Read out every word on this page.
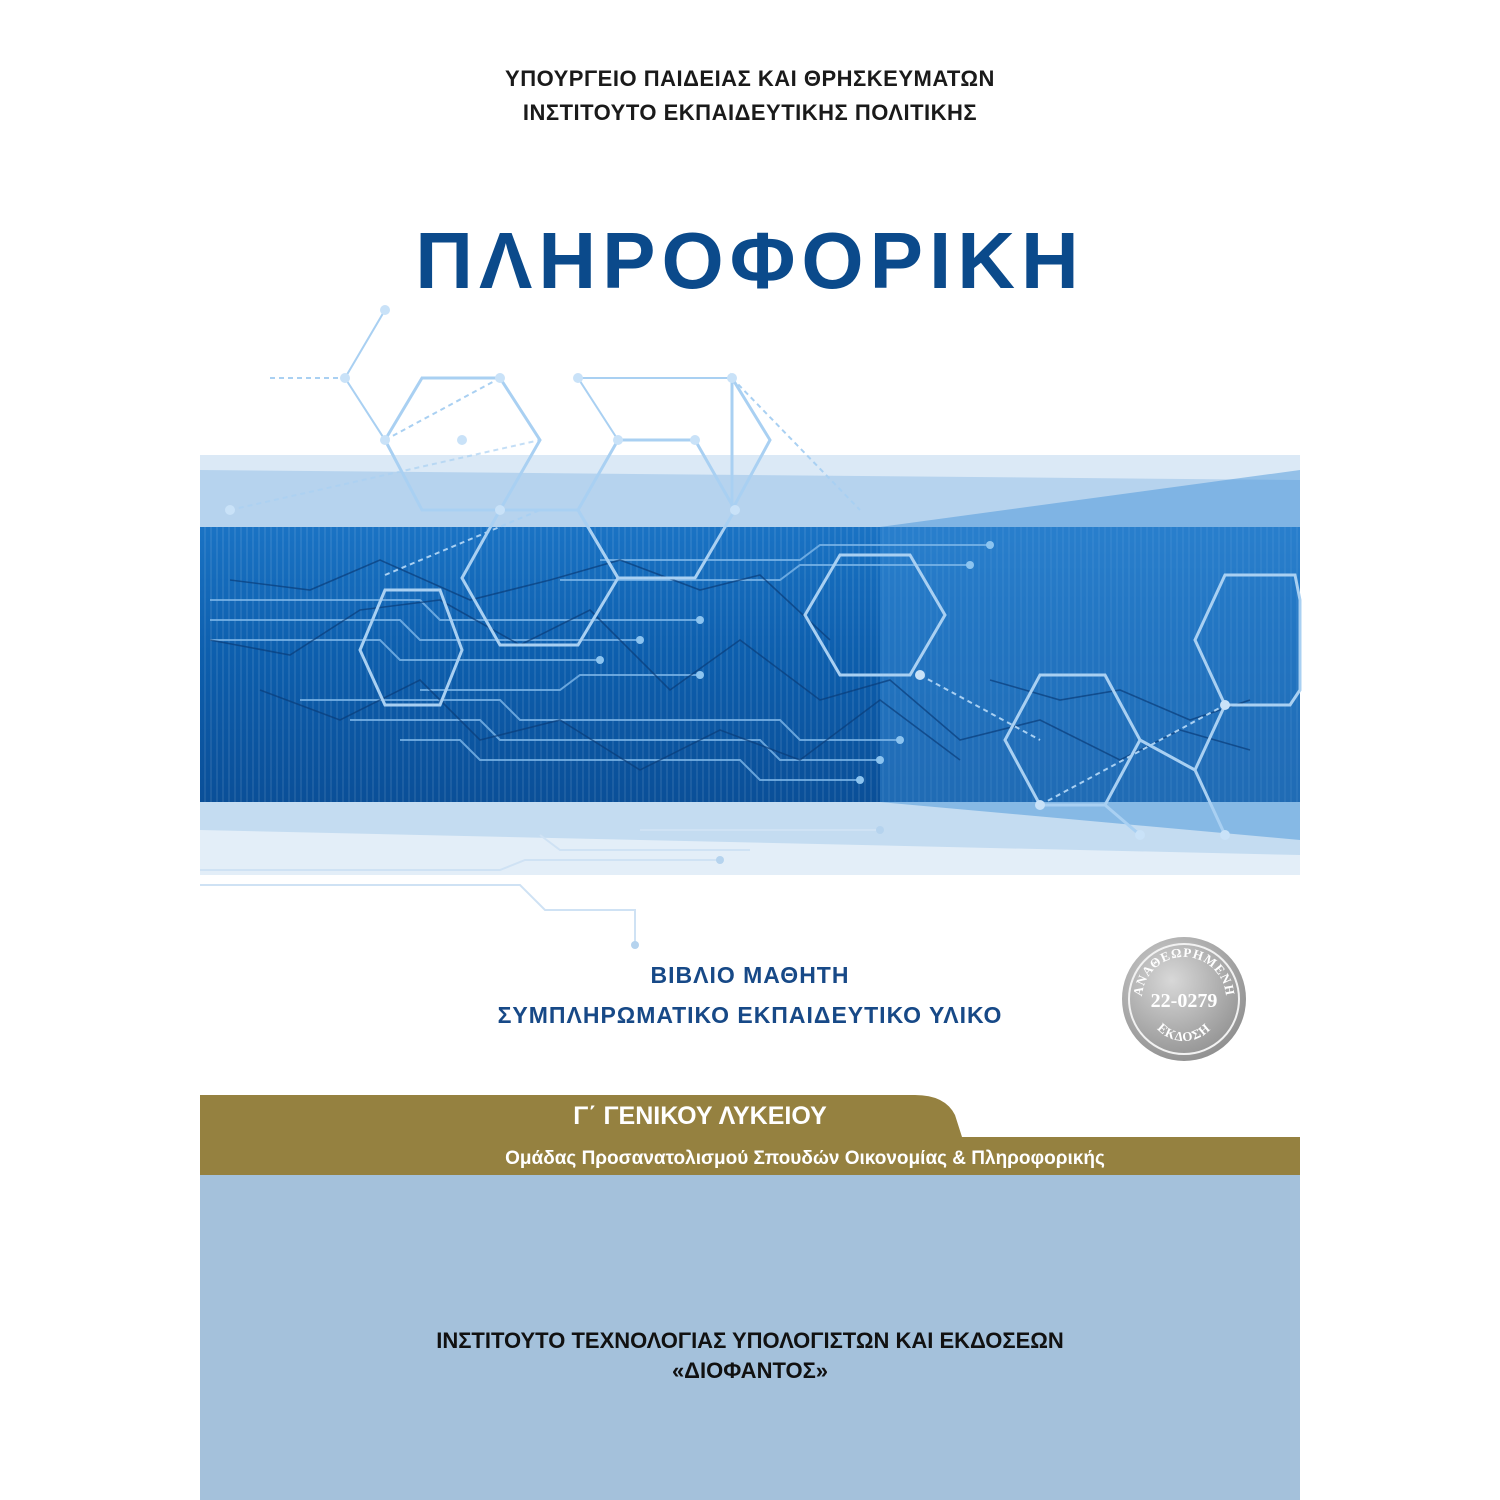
ΥΠΟΥΡΓΕΙΟ ΠΑΙΔΕΙΑΣ ΚΑΙ ΘΡΗΣΚΕΥΜΑΤΩΝ
ΙΝΣΤΙΤΟΥΤΟ ΕΚΠΑΙΔΕΥΤΙΚΗΣ ΠΟΛΙΤΙΚΗΣ
ΠΛΗΡΟΦΟΡΙΚΗ
ΒΙΒΛΙΟ ΜΑΘΗΤΗ
ΣΥΜΠΛΗΡΩΜΑΤΙΚΟ ΕΚΠΑΙΔΕΥΤΙΚΟ ΥΛΙΚΟ
ΑΝΑΘΕΩΡΗΜΕΝΗ
22-0279
ΕΚΔΟΣΗ
Γ΄ ΓΕΝΙΚΟΥ ΛΥΚΕΙΟΥ
Ομάδας Προσανατολισμού Σπουδών Οικονομίας & Πληροφορικής
ΙΝΣΤΙΤΟΥΤΟ ΤΕΧΝΟΛΟΓΙΑΣ ΥΠΟΛΟΓΙΣΤΩΝ ΚΑΙ ΕΚΔΟΣΕΩΝ
«ΔΙΟΦΑΝΤΟΣ»
